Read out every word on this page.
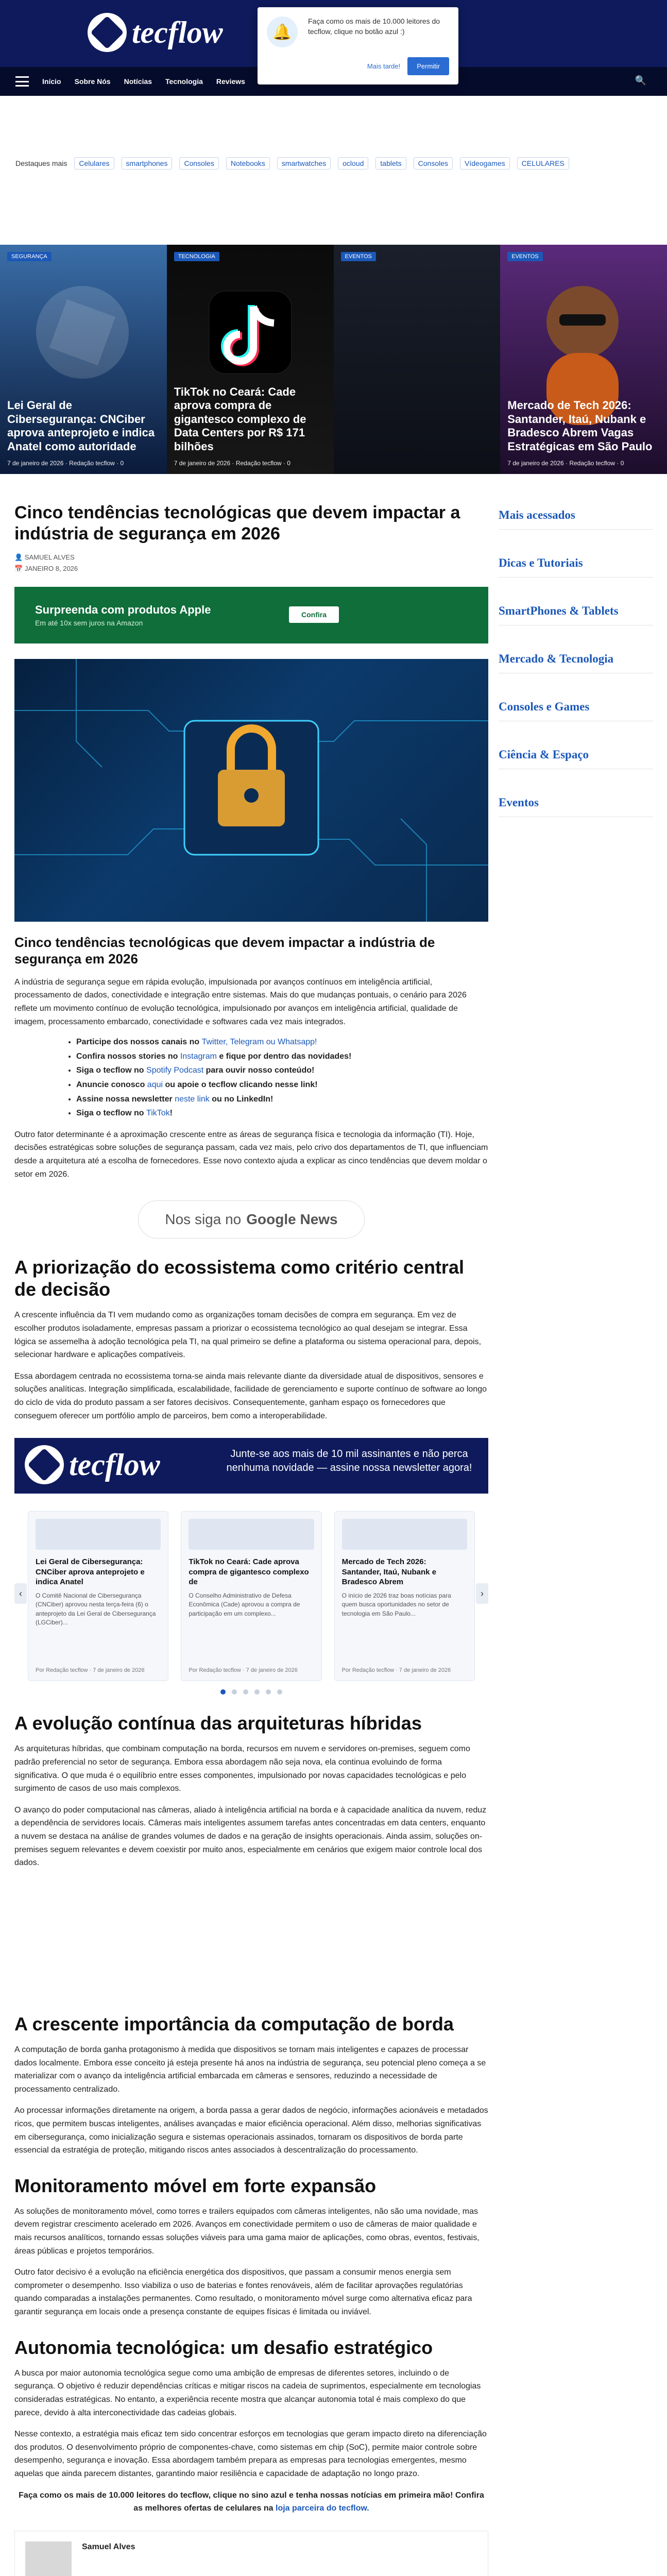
tecflow
Início Sobre Nós Notícias Tecnologia Reviews	🔍
🔔

Faça como os mais de 10.000 leitores do tecflow, clique no botão azul :)

Mais tarde!	Permitir
Destaques mais	Celulares	smartphones	Consoles	Notebooks	smartwatches	ocloud	tablets	Consoles	Vídeogames	CELULARES
SEGURANÇA
Lei Geral de Cibersegurança: CNCiber aprova anteprojeto e indica Anatel como autoridade
7 de janeiro de 2026 · Redação tecflow · 0
TECNOLOGIA
TikTok no Ceará: Cade aprova compra de gigantesco complexo de Data Centers por R$ 171 bilhões
7 de janeiro de 2026 · Redação tecflow · 0
EVENTOS	EVENTOS
Mercado de Tech 2026: Santander, Itaú, Nubank e Bradesco Abrem Vagas Estratégicas em São Paulo
7 de janeiro de 2026 · Redação tecflow · 0
Cinco tendências tecnológicas que devem impactar a indústria de segurança em 2026
👤 SAMUEL ALVES
📅 JANEIRO 8, 2026
Surpreenda com produtos Apple
Em até 10x sem juros na Amazon
Confira
Cinco tendências tecnológicas que devem impactar a indústria de segurança em 2026

A indústria de segurança segue em rápida evolução, impulsionada por avanços contínuos em inteligência artificial, processamento de dados, conectividade e integração entre sistemas. Mais do que mudanças pontuais, o cenário para 2026 reflete um movimento contínuo de evolução tecnológica, impulsionado por avanços em inteligência artificial, qualidade de imagem, processamento embarcado, conectividade e softwares cada vez mais integrados.

• Participe dos nossos canais no Twitter, Telegram ou Whatsapp!
• Confira nossos stories no Instagram e fique por dentro das novidades!
• Siga o tecflow no Spotify Podcast para ouvir nosso conteúdo!
• Anuncie conosco aqui ou apoie o tecflow clicando nesse link!
• Assine nossa newsletter neste link ou no LinkedIn!
• Siga o tecflow no TikTok!

Outro fator determinante é a aproximação crescente entre as áreas de segurança física e tecnologia da informação (TI). Hoje, decisões estratégicas sobre soluções de segurança passam, cada vez mais, pelo crivo dos departamentos de TI, que influenciam desde a arquitetura até a escolha de fornecedores. Esse novo contexto ajuda a explicar as cinco tendências que devem moldar o setor em 2026.

Nos siga no Google News
A priorização do ecossistema como critério central de decisão

A crescente influência da TI vem mudando como as organizações tomam decisões de compra em segurança. Em vez de escolher produtos isoladamente, empresas passam a priorizar o ecossistema tecnológico ao qual desejam se integrar. Essa lógica se assemelha à adoção tecnológica pela TI, na qual primeiro se define a plataforma ou sistema operacional para, depois, selecionar hardware e aplicações compatíveis.

Essa abordagem centrada no ecossistema torna-se ainda mais relevante diante da diversidade atual de dispositivos, sensores e soluções analíticas. Integração simplificada, escalabilidade, facilidade de gerenciamento e suporte contínuo de software ao longo do ciclo de vida do produto passam a ser fatores decisivos. Consequentemente, ganham espaço os fornecedores que conseguem oferecer um portfólio amplo de parceiros, bem como a interoperabilidade.

tecflow	Junte-se aos mais de 10 mil assinantes e não perca nenhuma novidade — assine nossa newsletter agora!
‹
Lei Geral de Cibersegurança: CNCiber aprova anteprojeto e indica Anatel
O Comitê Nacional de Cibersegurança (CNCiber) aprovou nesta terça-feira (6) o anteprojeto da Lei Geral de Cibersegurança (LGCiber)...
Por Redação tecflow · 7 de janeiro de 2026
TikTok no Ceará: Cade aprova compra de gigantesco complexo de
O Conselho Administrativo de Defesa Econômica (Cade) aprovou a compra de participação em um complexo...
Por Redação tecflow · 7 de janeiro de 2026
Mercado de Tech 2026: Santander, Itaú, Nubank e Bradesco Abrem
O início de 2026 traz boas notícias para quem busca oportunidades no setor de tecnologia em São Paulo...
Por Redação tecflow · 7 de janeiro de 2026
›
A evolução contínua das arquiteturas híbridas

As arquiteturas híbridas, que combinam computação na borda, recursos em nuvem e servidores on-premises, seguem como padrão preferencial no setor de segurança. Embora essa abordagem não seja nova, ela continua evoluindo de forma significativa. O que muda é o equilíbrio entre esses componentes, impulsionado por novas capacidades tecnológicas e pelo surgimento de casos de uso mais complexos.

O avanço do poder computacional nas câmeras, aliado à inteligência artificial na borda e à capacidade analítica da nuvem, reduz a dependência de servidores locais. Câmeras mais inteligentes assumem tarefas antes concentradas em data centers, enquanto a nuvem se destaca na análise de grandes volumes de dados e na geração de insights operacionais. Ainda assim, soluções on-premises seguem relevantes e devem coexistir por muito anos, especialmente em cenários que exigem maior controle local dos dados.

A crescente importância da computação de borda

A computação de borda ganha protagonismo à medida que dispositivos se tornam mais inteligentes e capazes de processar dados localmente. Embora esse conceito já esteja presente há anos na indústria de segurança, seu potencial pleno começa a se materializar com o avanço da inteligência artificial embarcada em câmeras e sensores, reduzindo a necessidade de processamento centralizado.

Ao processar informações diretamente na origem, a borda passa a gerar dados de negócio, informações acionáveis e metadados ricos, que permitem buscas inteligentes, análises avançadas e maior eficiência operacional. Além disso, melhorias significativas em cibersegurança, como inicialização segura e sistemas operacionais assinados, tornaram os dispositivos de borda parte essencial da estratégia de proteção, mitigando riscos antes associados à descentralização do processamento.

Monitoramento móvel em forte expansão

As soluções de monitoramento móvel, como torres e trailers equipados com câmeras inteligentes, não são uma novidade, mas devem registrar crescimento acelerado em 2026. Avanços em conectividade permitem o uso de câmeras de maior qualidade e mais recursos analíticos, tornando essas soluções viáveis para uma gama maior de aplicações, como obras, eventos, festivais, áreas públicas e projetos temporários.

Outro fator decisivo é a evolução na eficiência energética dos dispositivos, que passam a consumir menos energia sem comprometer o desempenho. Isso viabiliza o uso de baterias e fontes renováveis, além de facilitar aprovações regulatórias quando comparadas a instalações permanentes. Como resultado, o monitoramento móvel surge como alternativa eficaz para garantir segurança em locais onde a presença constante de equipes físicas é limitada ou inviável.

Autonomia tecnológica: um desafio estratégico

A busca por maior autonomia tecnológica segue como uma ambição de empresas de diferentes setores, incluindo o de segurança. O objetivo é reduzir dependências críticas e mitigar riscos na cadeia de suprimentos, especialmente em tecnologias consideradas estratégicas. No entanto, a experiência recente mostra que alcançar autonomia total é mais complexo do que parece, devido à alta interconectividade das cadeias globais.

Nesse contexto, a estratégia mais eficaz tem sido concentrar esforços em tecnologias que geram impacto direto na diferenciação dos produtos. O desenvolvimento próprio de componentes-chave, como sistemas em chip (SoC), permite maior controle sobre desempenho, segurança e inovação. Essa abordagem também prepara as empresas para tecnologias emergentes, mesmo aquelas que ainda parecem distantes, garantindo maior resiliência e capacidade de adaptação no longo prazo.

Faça como os mais de 10.000 leitores do tecflow, clique no sino azul e tenha nossas notícias em primeira mão! Confira as melhores ofertas de celulares na loja parceira do tecflow.

Samuel Alves
Mais acessados
Dicas e Tutoriais
SmartPhones & Tablets
Mercado & Tecnologia
Consoles e Games
Ciência & Espaço
Eventos
